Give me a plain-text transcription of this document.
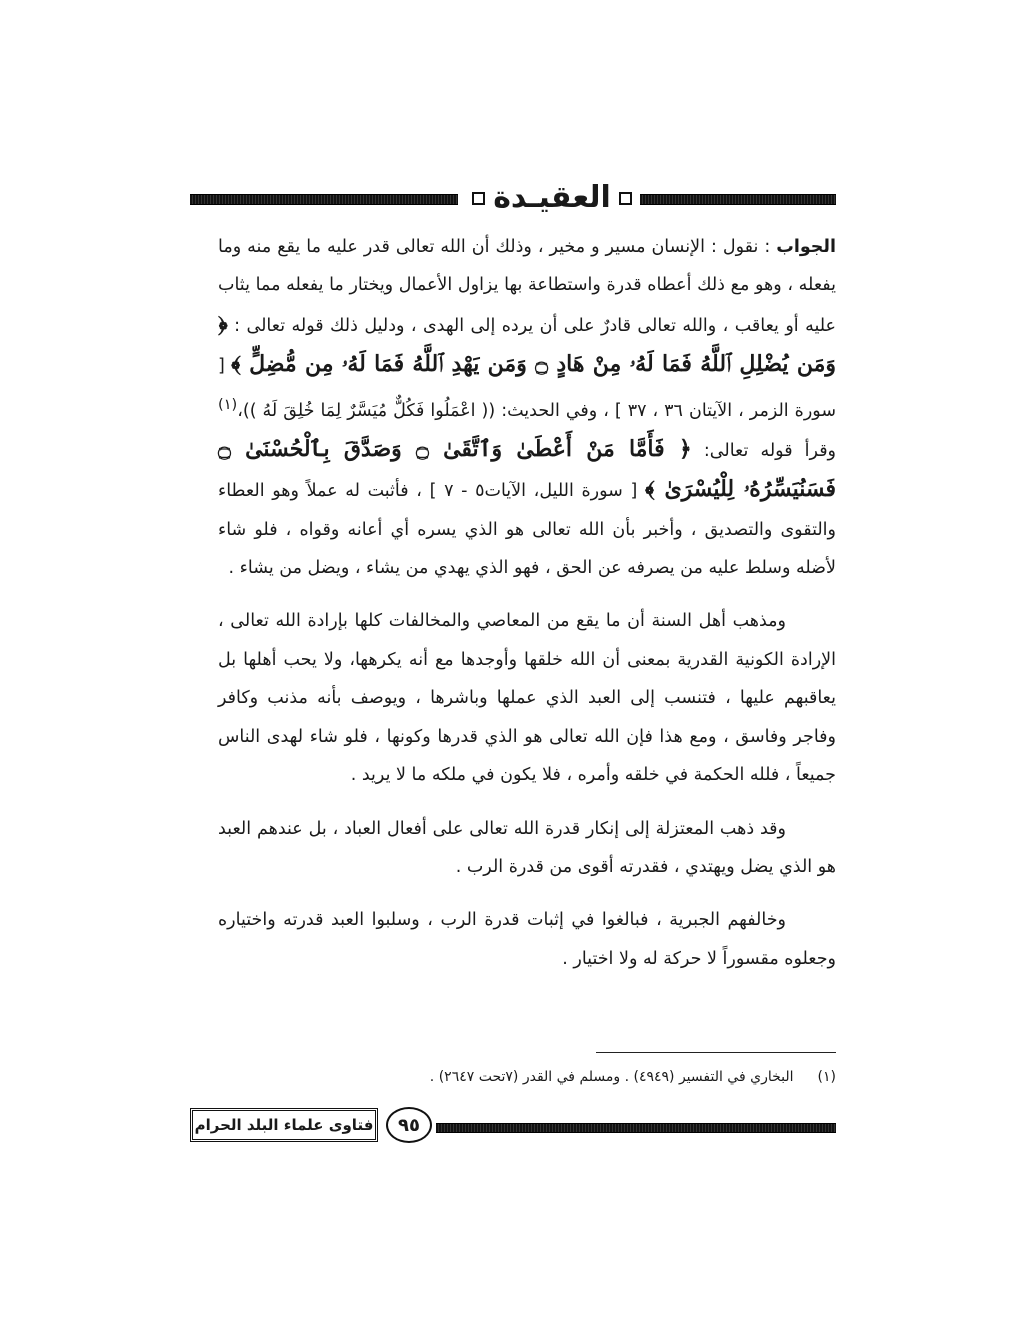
العقيـدة

الجواب : نقول : الإنسان مسير و مخير ، وذلك أن الله تعالى قدر عليه ما يقع منه وما يفعله ، وهو مع ذلك أعطاه قدرة واستطاعة بها يزاول الأعمال ويختار ما يفعله مما يثاب عليه أو يعاقب ، والله تعالى قادرٌ على أن يرده إلى الهدى ، ودليل ذلك قوله تعالى : ﴿ وَمَن يُضْلِلِ ٱللَّهُ فَمَا لَهُۥ مِنْ هَادٍ ۝ وَمَن يَهْدِ ٱللَّهُ فَمَا لَهُۥ مِن مُّضِلٍّ ﴾ [ سورة الزمر ، الآيتان ٣٦ ، ٣٧ ] ، وفي الحديث: (( اعْمَلُوا فَكُلٌّ مُيَسَّرٌ لِمَا خُلِقَ لَهُ ))،$^{(١)}$ وقرأ قوله تعالى: ﴿ فَأَمَّا مَنْ أَعْطَىٰ وَٱتَّقَىٰ ۝ وَصَدَّقَ بِٱلْحُسْنَىٰ ۝ فَسَنُيَسِّرُهُۥ لِلْيُسْرَىٰ ﴾ [ سورة الليل، الآيات٥ - ٧ ] ، فأثبت له عملاً وهو العطاء والتقوى والتصديق ، وأخبر بأن الله تعالى هو الذي يسره أي أعانه وقواه ، فلو شاء لأضله وسلط عليه من يصرفه عن الحق ، فهو الذي يهدي من يشاء ، ويضل من يشاء .

ومذهب أهل السنة أن ما يقع من المعاصي والمخالفات كلها بإرادة الله تعالى ، الإرادة الكونية القدرية بمعنى أن الله خلقها وأوجدها مع أنه يكرهها، ولا يحب أهلها بل يعاقبهم عليها ، فتنسب إلى العبد الذي عملها وباشرها ، ويوصف بأنه مذنب وكافر وفاجر وفاسق ، ومع هذا فإن الله تعالى هو الذي قدرها وكونها ، فلو شاء لهدى الناس جميعاً ، فلله الحكمة في خلقه وأمره ، فلا يكون في ملكه ما لا يريد .

وقد ذهب المعتزلة إلى إنكار قدرة الله تعالى على أفعال العباد ، بل عندهم العبد هو الذي يضل ويهتدي ، فقدرته أقوى من قدرة الرب .

وخالفهم الجبرية ، فبالغوا في إثبات قدرة الرب ، وسلبوا العبد قدرته واختياره وجعلوه مقسوراً لا حركة له ولا اختيار .

(١)البخاري في التفسير (٤٩٤٩) . ومسلم في القدر (٧تحت ٢٦٤٧) .
فتاوى علماء البلد الحرام ٩٥
